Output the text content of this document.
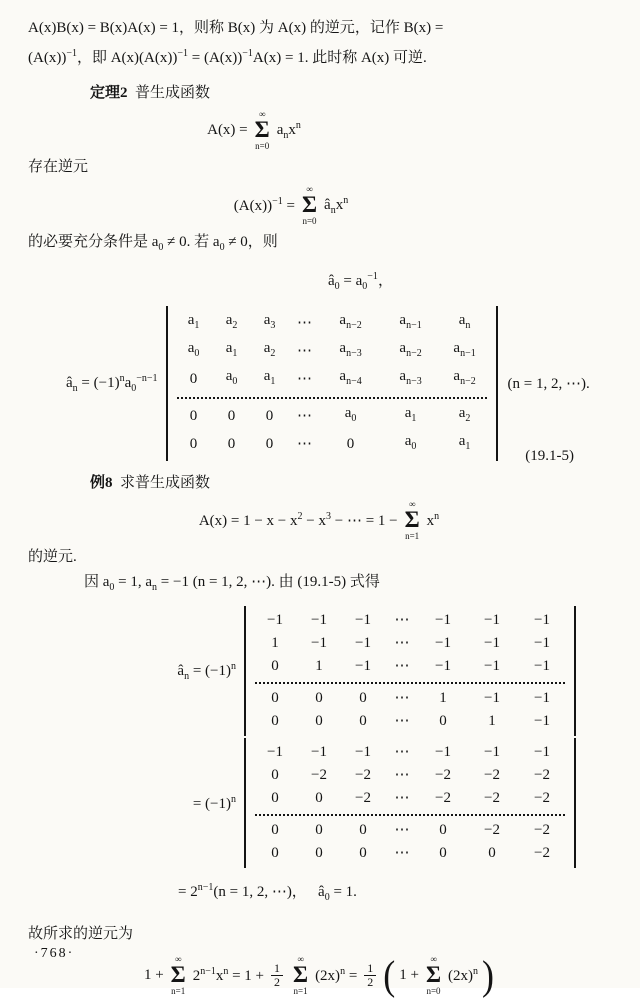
A(x)B(x) = B(x)A(x) = 1，则称 B(x) 为 A(x) 的逆元，记作 B(x) =
$(A(x))^{-1}$，即 $A(x)(A(x))^{-1} = (A(x))^{-1}A(x) = 1$. 此时称 A(x) 可逆.
定理2 普生成函数
A(x) =
∞
Σ
n=0
$a_nx^n$
存在逆元
$(A(x))^{-1}$ =
∞
Σ
n=0
$â_nx^n$
的必要充分条件是 $a_0 \ne 0$. 若 $a_0 \ne 0$，则
$â_0 = a_0^{-1}$，
$â_n = (-1)^na_0^{-n-1}$
$a_1$ $a_2$ $a_3$ ⋯ $a_{n-2}$	$a_{n-1}$ $a_n$
$a_0$ $a_1$ $a_2$ ⋯ $a_{n-3}$	$a_{n-2}$ $a_{n-1}$
0 $a_0$ $a_1$ ⋯ $a_{n-4}$	$a_{n-3}$ $a_{n-2}$
0 0 0 ⋯ $a_0$	$a_1$	$a_2$
0 0 0 ⋯ 0	$a_0$	$a_1$
(n = 1, 2, ⋯).
(19.1-5)
例8 求普生成函数
$A(x) = 1 - x - x^2 - x^3$ − ⋯ = 1 −
∞
Σ
n=1
$x^n$
的逆元.
因 $a_0 = 1$, $a_n = -1$ (n = 1, 2, ⋯). 由 (19.1-5) 式得
$â_n = (-1)^n$
−1 −1 −1 ⋯ −1 −1 −1
1 −1 −1 ⋯ −1 −1 −1
0 1 −1 ⋯ −1 −1 −1
0 0 0 ⋯ 1 −1 −1
0 0 0 ⋯ 0	1	−1
= $(-1)^n$
−1 −1 −1 ⋯ −1 −1 −1
0 −2 −2 ⋯ −2 −2 −2
0 0 −2 ⋯ −2 −2 −2
0 0 0 ⋯ 0 −2 −2
0 0 0 ⋯ 0	0	−2
= $2^{n-1}(n = 1$, 2, ⋯)，   $â_0 = 1$.
故所求的逆元为
1 +
∞
Σ
n=1
$2^{n-1}x^n = 1 + \frac{1}{2}$
∞
Σ
n=1
$(2x)^n = \frac{1}{2}$ ( 1 +
∞
Σ
n=0
$(2x)^n$ )
·768·
